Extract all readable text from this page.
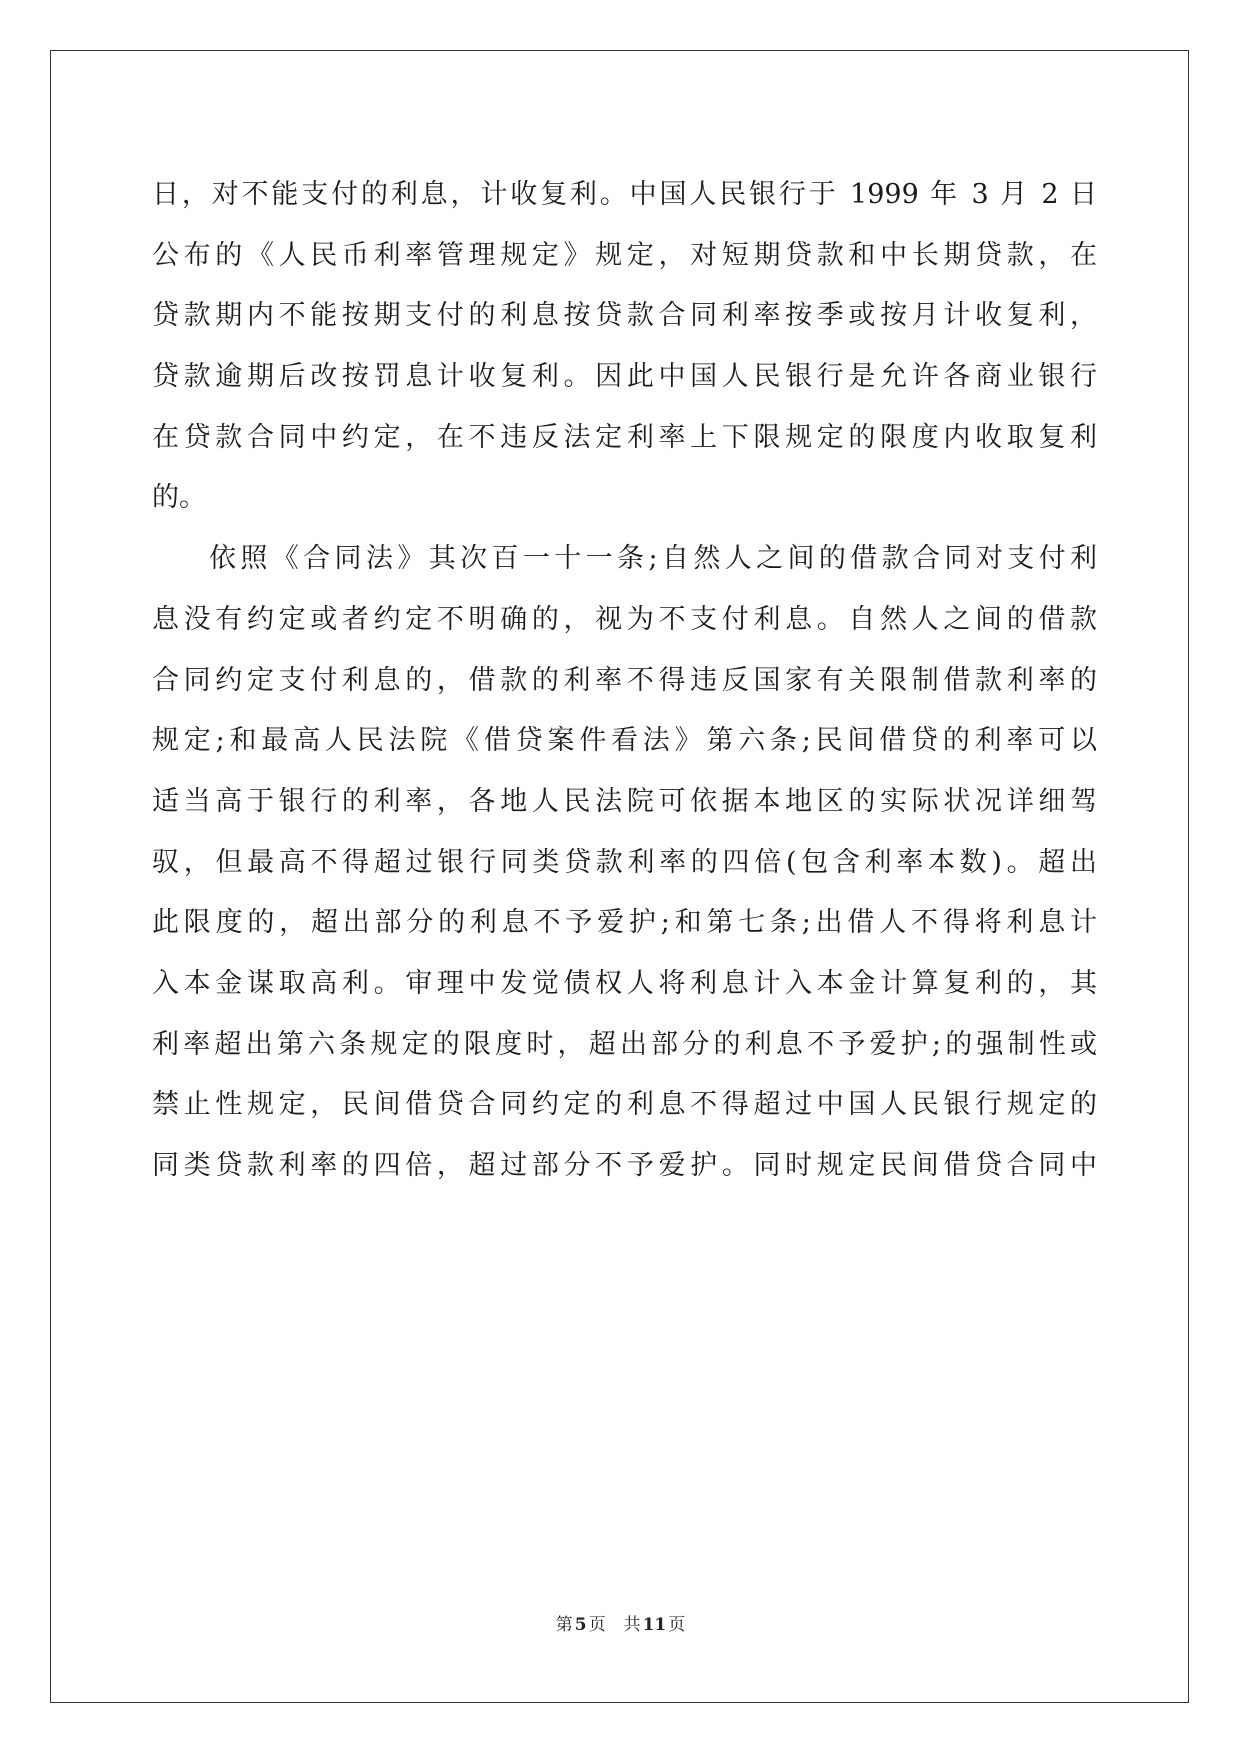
日，对不能支付的利息，计收复利。中国人民银行于 1999 年 3 月 2 日
公布的《人民币利率管理规定》规定，对短期贷款和中长期贷款，在
贷款期内不能按期支付的利息按贷款合同利率按季或按月计收复利，
贷款逾期后改按罚息计收复利。因此中国人民银行是允许各商业银行
在贷款合同中约定，在不违反法定利率上下限规定的限度内收取复利
的。
依照《合同法》其次百一十一条;自然人之间的借款合同对支付利
息没有约定或者约定不明确的，视为不支付利息。自然人之间的借款
合同约定支付利息的，借款的利率不得违反国家有关限制借款利率的
规定;和最高人民法院《借贷案件看法》第六条;民间借贷的利率可以
适当高于银行的利率，各地人民法院可依据本地区的实际状况详细驾
驭，但最高不得超过银行同类贷款利率的四倍(包含利率本数)。超出
此限度的，超出部分的利息不予爱护;和第七条;出借人不得将利息计
入本金谋取高利。审理中发觉债权人将利息计入本金计算复利的，其
利率超出第六条规定的限度时，超出部分的利息不予爱护;的强制性或
禁止性规定，民间借贷合同约定的利息不得超过中国人民银行规定的
同类贷款利率的四倍，超过部分不予爱护。同时规定民间借贷合同中
第 5 页 共 11 页
